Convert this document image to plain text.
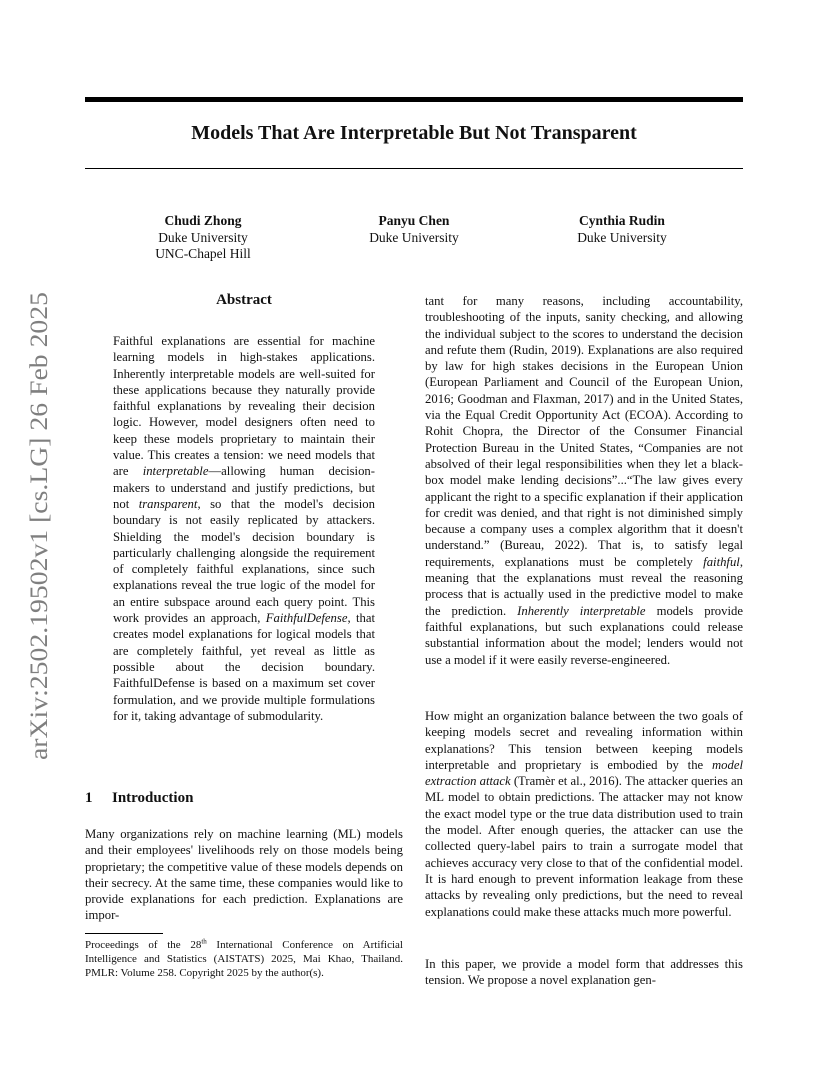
Models That Are Interpretable But Not Transparent
Chudi Zhong
Duke University
UNC-Chapel Hill
Panyu Chen
Duke University
Cynthia Rudin
Duke University
arXiv:2502.19502v1 [cs.LG] 26 Feb 2025
Abstract

Faithful explanations are essential for machine learning models in high-stakes applications. Inherently interpretable models are well-suited for these applications because they naturally provide faithful explanations by revealing their decision logic. However, model designers often need to keep these models proprietary to maintain their value. This creates a tension: we need models that are interpretable—allowing human decision-makers to understand and justify predictions, but not transparent, so that the model's decision boundary is not easily replicated by attackers. Shielding the model's decision boundary is particularly challenging alongside the requirement of completely faithful explanations, since such explanations reveal the true logic of the model for an entire subspace around each query point. This work provides an approach, FaithfulDefense, that creates model explanations for logical models that are completely faithful, yet reveal as little as possible about the decision boundary. FaithfulDefense is based on a maximum set cover formulation, and we provide multiple formulations for it, taking advantage of submodularity.

1 Introduction

Many organizations rely on machine learning (ML) models and their employees' livelihoods rely on those models being proprietary; the competitive value of these models depends on their secrecy. At the same time, these companies would like to provide explanations for each prediction. Explanations are impor-

Proceedings of the 28th International Conference on Artificial Intelligence and Statistics (AISTATS) 2025, Mai Khao, Thailand. PMLR: Volume 258. Copyright 2025 by the author(s).

tant for many reasons, including accountability, troubleshooting of the inputs, sanity checking, and allowing the individual subject to the scores to understand the decision and refute them (Rudin, 2019). Explanations are also required by law for high stakes decisions in the European Union (European Parliament and Council of the European Union, 2016; Goodman and Flaxman, 2017) and in the United States, via the Equal Credit Opportunity Act (ECOA). According to Rohit Chopra, the Director of the Consumer Financial Protection Bureau in the United States, “Companies are not absolved of their legal responsibilities when they let a black-box model make lending decisions”...“The law gives every applicant the right to a specific explanation if their application for credit was denied, and that right is not diminished simply because a company uses a complex algorithm that it doesn't understand.” (Bureau, 2022). That is, to satisfy legal requirements, explanations must be completely faithful, meaning that the explanations must reveal the reasoning process that is actually used in the predictive model to make the prediction. Inherently interpretable models provide faithful explanations, but such explanations could release substantial information about the model; lenders would not use a model if it were easily reverse-engineered.

How might an organization balance between the two goals of keeping models secret and revealing information within explanations? This tension between keeping models interpretable and proprietary is embodied by the model extraction attack (Tramèr et al., 2016). The attacker queries an ML model to obtain predictions. The attacker may not know the exact model type or the true data distribution used to train the model. After enough queries, the attacker can use the collected query-label pairs to train a surrogate model that achieves accuracy very close to that of the confidential model. It is hard enough to prevent information leakage from these attacks by revealing only predictions, but the need to reveal explanations could make these attacks much more powerful.

In this paper, we provide a model form that addresses this tension. We propose a novel explanation gen-
